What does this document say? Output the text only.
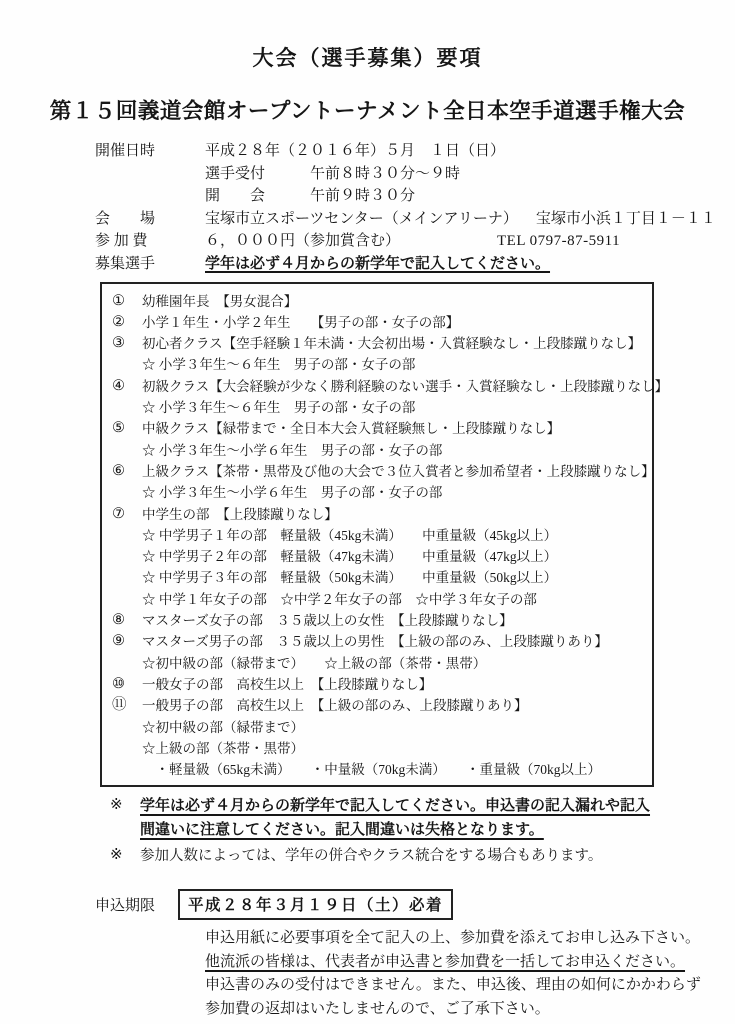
大会（選手募集）要項
第１５回義道会館オープントーナメント全日本空手道選手権大会
開催日時	平成２８年（２０１６年）５月　１日（日）
選手受付　　　午前８時３０分～９時
開　　会　　　午前９時３０分
会　　場	宝塚市立スポーツセンター（メインアリーナ） 宝塚市小浜１丁目１－１１
参 加 費	６，０００円（参加賞含む）	TEL 0797-87-5911
募集選手	学年は必ず４月からの新学年で記入してください。
①	幼稚園年長　【男女混合】
②	小学１年生・小学２年生　　【男子の部・女子の部】
③	初心者クラス【空手経験１年未満・大会初出場・入賞経験なし・上段膝蹴りなし】
☆ 小学３年生～６年生　男子の部・女子の部
④	初級クラス【大会経験が少なく勝利経験のない選手・入賞経験なし・上段膝蹴りなし】
☆ 小学３年生～６年生　男子の部・女子の部
⑤	中級クラス【緑帯まで・全日本大会入賞経験無し・上段膝蹴りなし】
☆ 小学３年生～小学６年生　男子の部・女子の部
⑥	上級クラス【茶帯・黒帯及び他の大会で３位入賞者と参加希望者・上段膝蹴りなし】
☆ 小学３年生～小学６年生　男子の部・女子の部
⑦	中学生の部　【上段膝蹴りなし】
☆ 中学男子１年の部　軽量級（45kg未満）　　中重量級（45kg以上）
☆ 中学男子２年の部　軽量級（47kg未満）　　中重量級（47kg以上）
☆ 中学男子３年の部　軽量級（50kg未満）　　中重量級（50kg以上）
☆ 中学１年女子の部　☆中学２年女子の部　☆中学３年女子の部
⑧	マスターズ女子の部　３５歳以上の女性　【上段膝蹴りなし】
⑨	マスターズ男子の部　３５歳以上の男性　【上級の部のみ、上段膝蹴りあり】
☆初中級の部（緑帯まで）　　☆上級の部（茶帯・黒帯）
⑩	一般女子の部　高校生以上　【上段膝蹴りなし】
⑪	一般男子の部　高校生以上　【上級の部のみ、上段膝蹴りあり】
☆初中級の部（緑帯まで）
☆上級の部（茶帯・黒帯）
　・軽量級（65kg未満）　　・中量級（70kg未満）　　・重量級（70kg以上）
※	学年は必ず４月からの新学年で記入してください。申込書の記入漏れや記入間違いに注意してください。記入間違いは失格となります。
※	参加人数によっては、学年の併合やクラス統合をする場合もあります。
申込期限	平成２８年３月１９日（土）必着
申込用紙に必要事項を全て記入の上、参加費を添えてお申し込み下さい。
他流派の皆様は、代表者が申込書と参加費を一括してお申込ください。
申込書のみの受付はできません。また、申込後、理由の如何にかかわらず
参加費の返却はいたしませんので、ご了承下さい。
